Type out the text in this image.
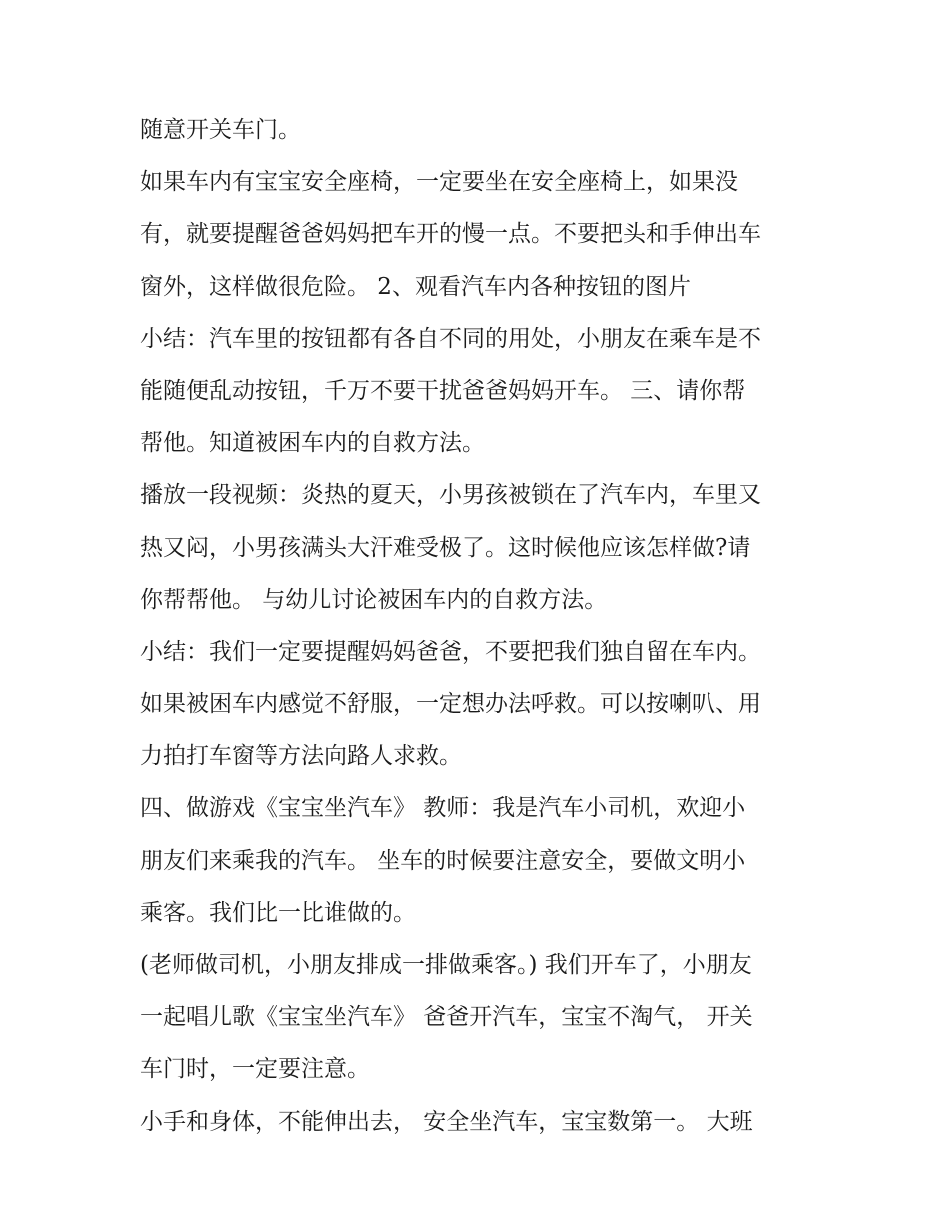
随意开关车门。

如果车内有宝宝安全座椅，一定要坐在安全座椅上，如果没

有，就要提醒爸爸妈妈把车开的慢一点。不要把头和手伸出车

窗外，这样做很危险。 2、观看汽车内各种按钮的图片

小结：汽车里的按钮都有各自不同的用处，小朋友在乘车是不

能随便乱动按钮，千万不要干扰爸爸妈妈开车。 三、请你帮

帮他。知道被困车内的自救方法。

播放一段视频：炎热的夏天，小男孩被锁在了汽车内，车里又

热又闷，小男孩满头大汗难受极了。这时候他应该怎样做?请

你帮帮他。 与幼儿讨论被困车内的自救方法。

小结：我们一定要提醒妈妈爸爸，不要把我们独自留在车内。

如果被困车内感觉不舒服，一定想办法呼救。可以按喇叭、用

力拍打车窗等方法向路人求救。

四、做游戏《宝宝坐汽车》 教师：我是汽车小司机，欢迎小

朋友们来乘我的汽车。 坐车的时候要注意安全，要做文明小

乘客。我们比一比谁做的。

(老师做司机，小朋友排成一排做乘客。) 我们开车了，小朋友

一起唱儿歌《宝宝坐汽车》 爸爸开汽车，宝宝不淘气， 开关

车门时，一定要注意。

小手和身体，不能伸出去， 安全坐汽车，宝宝数第一。 大班
